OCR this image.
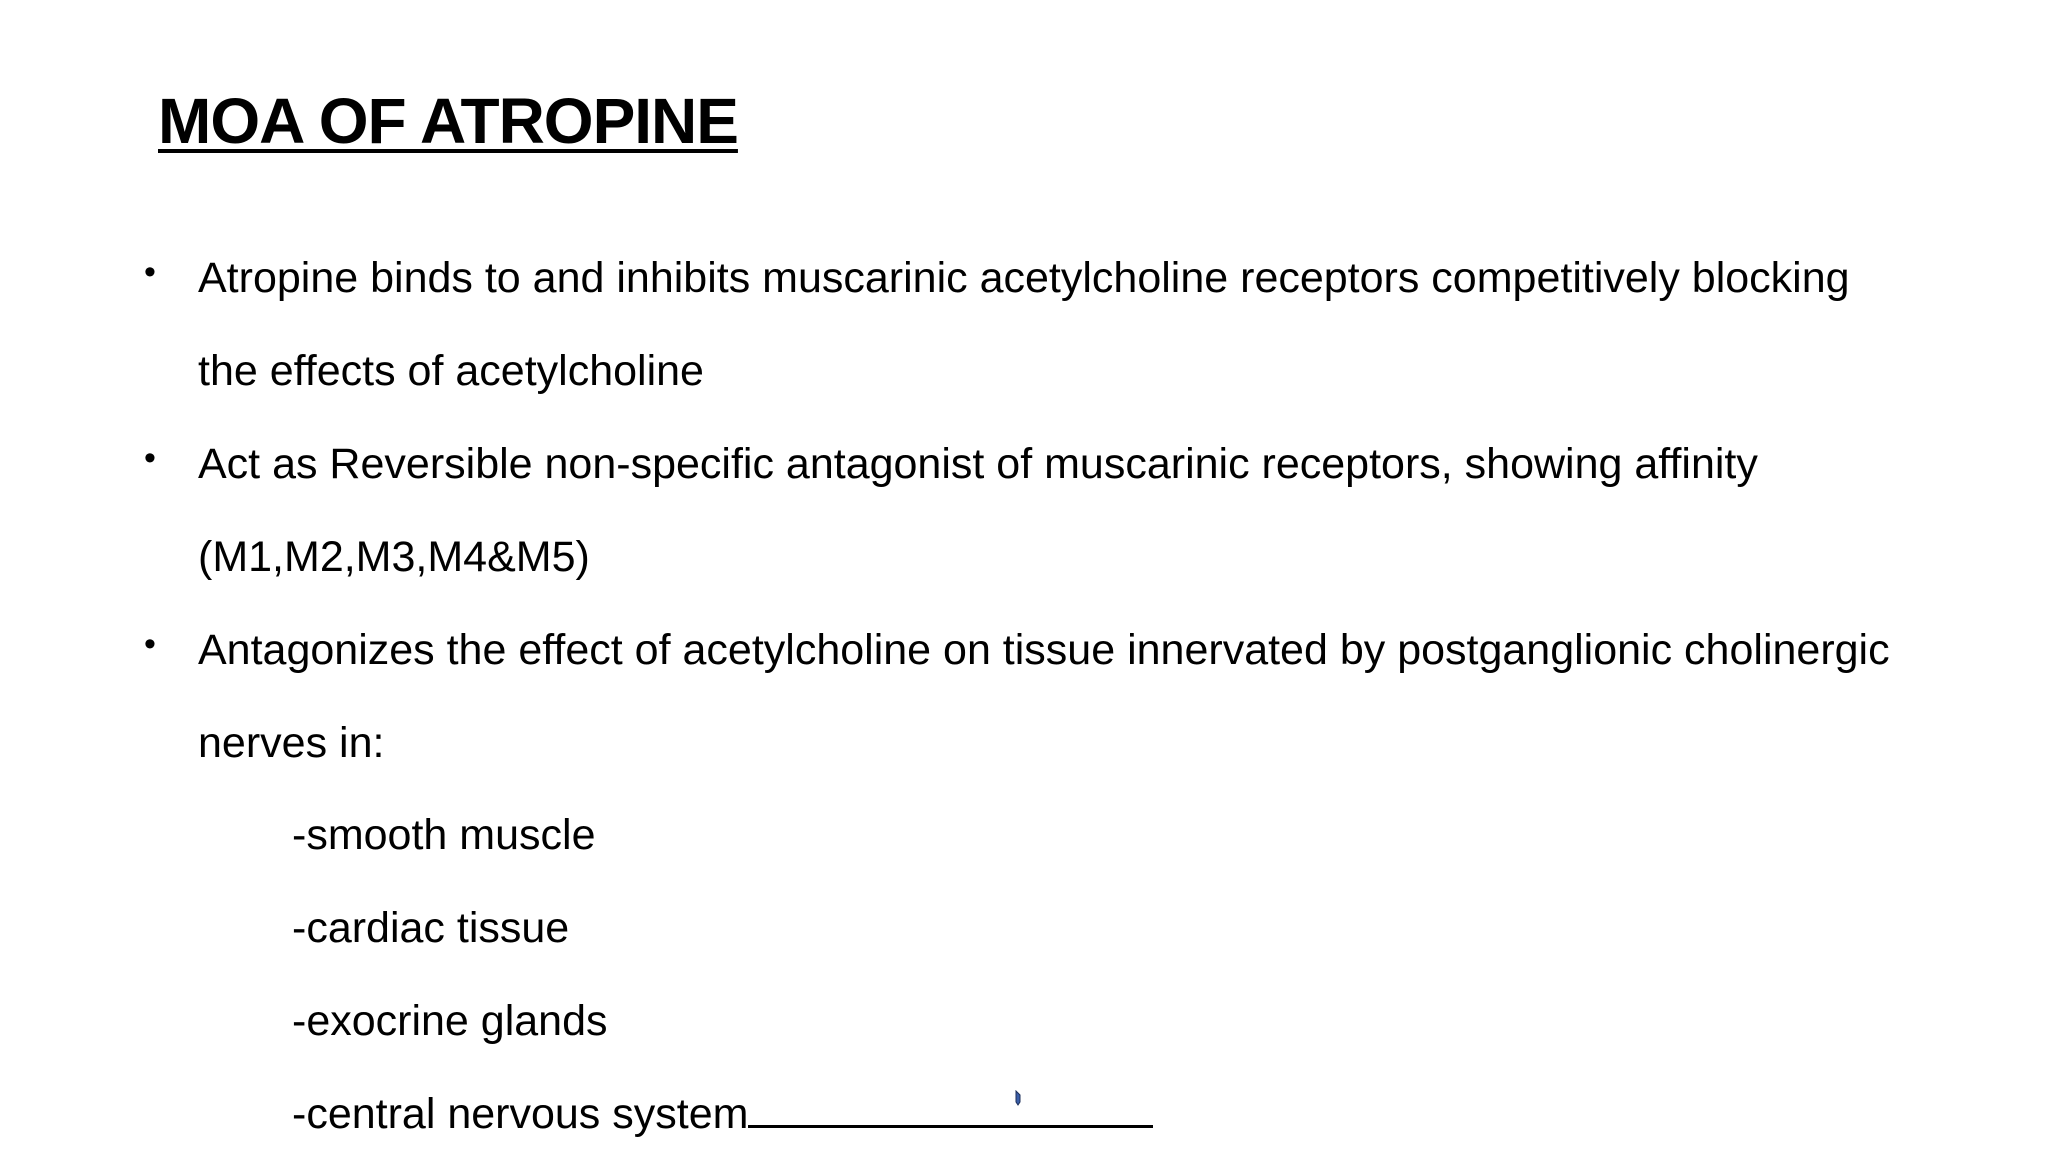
MOA OF ATROPINE
• Atropine binds to and inhibits muscarinic acetylcholine receptors competitively blocking the effects of acetylcholine
• Act as Reversible non-specific antagonist of muscarinic receptors, showing affinity (M1,M2,M3,M4&M5)
• Antagonizes the effect of acetylcholine on tissue innervated by postganglionic cholinergic nerves in:
-smooth muscle
-cardiac tissue
-exocrine glands
-central nervous system
